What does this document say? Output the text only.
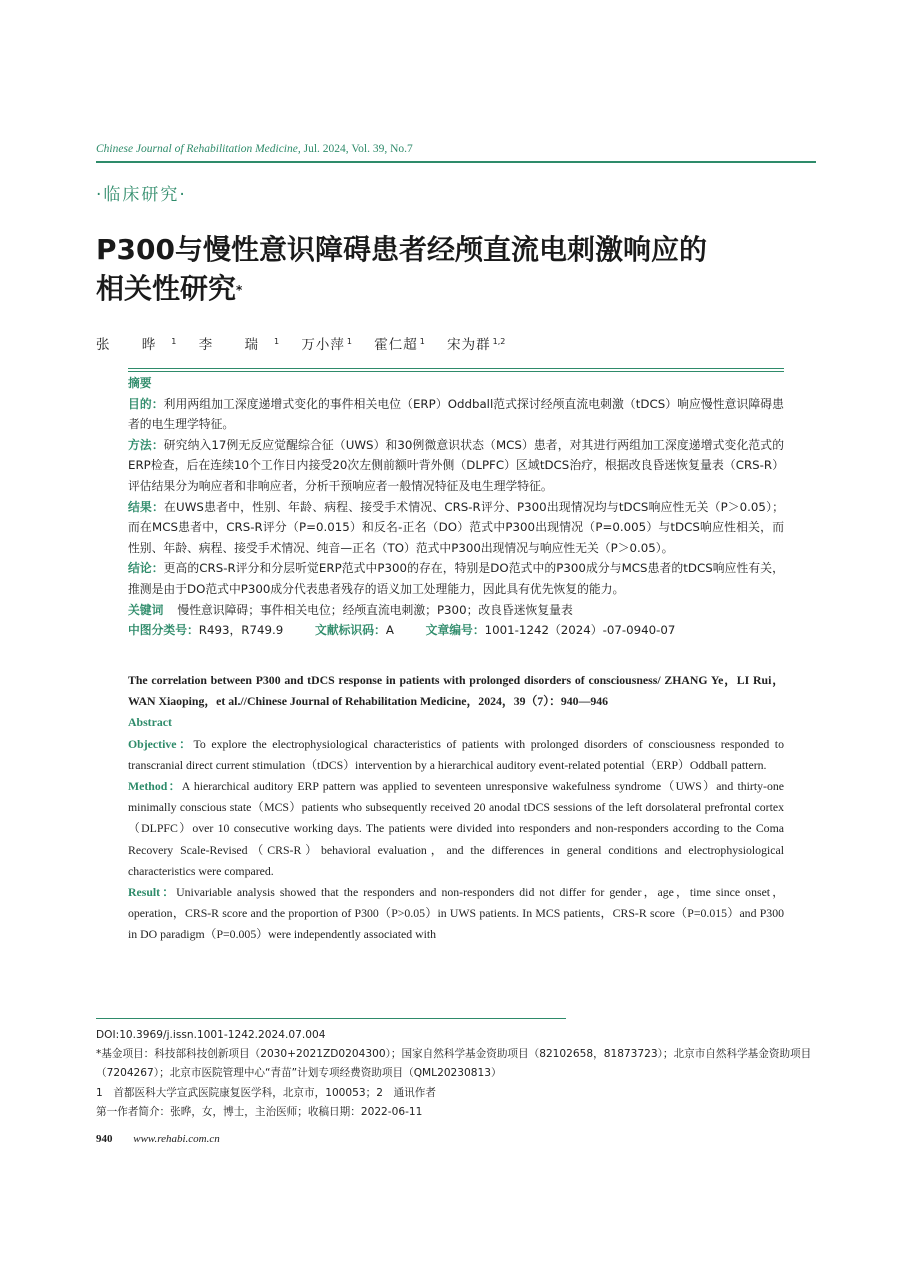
Chinese Journal of Rehabilitation Medicine, Jul. 2024, Vol. 39, No.7
·临床研究·
P300与慢性意识障碍患者经颅直流电刺激响应的
相关性研究*
张 晔 $^1$ 李 瑞 $^1$ 万小萍 $^1$ 霍仁超 $^1$ 宋为群 $^{1,2}$

摘要

目的：利用两组加工深度递增式变化的事件相关电位（ERP）Oddball范式探讨经颅直流电刺激（tDCS）响应慢性意识障碍患者的电生理学特征。

方法：研究纳入17例无反应觉醒综合征（UWS）和30例微意识状态（MCS）患者，对其进行两组加工深度递增式变化范式的ERP检查，后在连续10个工作日内接受20次左侧前额叶背外侧（DLPFC）区域tDCS治疗，根据改良昏迷恢复量表（CRS-R）评估结果分为响应者和非响应者，分析干预响应者一般情况特征及电生理学特征。

结果：在UWS患者中，性别、年龄、病程、接受手术情况、CRS-R评分、P300出现情况均与tDCS响应性无关（P＞0.05）；而在MCS患者中，CRS-R评分（P=0.015）和反名-正名（DO）范式中P300出现情况（P=0.005）与tDCS响应性相关，而性别、年龄、病程、接受手术情况、纯音—正名（TO）范式中P300出现情况与响应性无关（P＞0.05）。

结论：更高的CRS-R评分和分层听觉ERP范式中P300的存在，特别是DO范式中的P300成分与MCS患者的tDCS响应性有关，推测是由于DO范式中P300成分代表患者残存的语义加工处理能力，因此具有优先恢复的能力。

关键词 慢性意识障碍；事件相关电位；经颅直流电刺激；P300；改良昏迷恢复量表

中图分类号：R493，R749.9	文献标识码：A	文章编号：1001-1242（2024）-07-0940-07

The correlation between P300 and tDCS response in patients with prolonged disorders of consciousness/ ZHANG Ye，LI Rui，WAN Xiaoping，et al.//Chinese Journal of Rehabilitation Medicine，2024，39（7）：940—946

Abstract

Objective：To explore the electrophysiological characteristics of patients with prolonged disorders of consciousness responded to transcranial direct current stimulation（tDCS）intervention by a hierarchical auditory event-related potential（ERP）Oddball pattern.

Method：A hierarchical auditory ERP pattern was applied to seventeen unresponsive wakefulness syndrome（UWS）and thirty-one minimally conscious state（MCS）patients who subsequently received 20 anodal tDCS sessions of the left dorsolateral prefrontal cortex（DLPFC）over 10 consecutive working days. The patients were divided into responders and non-responders according to the Coma Recovery Scale-Revised（CRS-R）behavioral evaluation，and the differences in general conditions and electrophysiological characteristics were compared.

Result：Univariable analysis showed that the responders and non-responders did not differ for gender，age，time since onset，operation，CRS-R score and the proportion of P300（P>0.05）in UWS patients. In MCS patients，CRS-R score（P=0.015）and P300 in DO paradigm（P=0.005）were independently associated with

DOI:10.3969/j.issn.1001-1242.2024.07.004

*基金项目：科技部科技创新项目（2030+2021ZD0204300）；国家自然科学基金资助项目（82102658，81873723）；北京市自然科学基金资助项目（7204267）；北京市医院管理中心“青苗”计划专项经费资助项目（QML20230813）

1　首都医科大学宣武医院康复医学科，北京市，100053；2　通讯作者

第一作者简介：张晔，女，博士，主治医师；收稿日期：2022-06-11

940 www.rehabi.com.cn
